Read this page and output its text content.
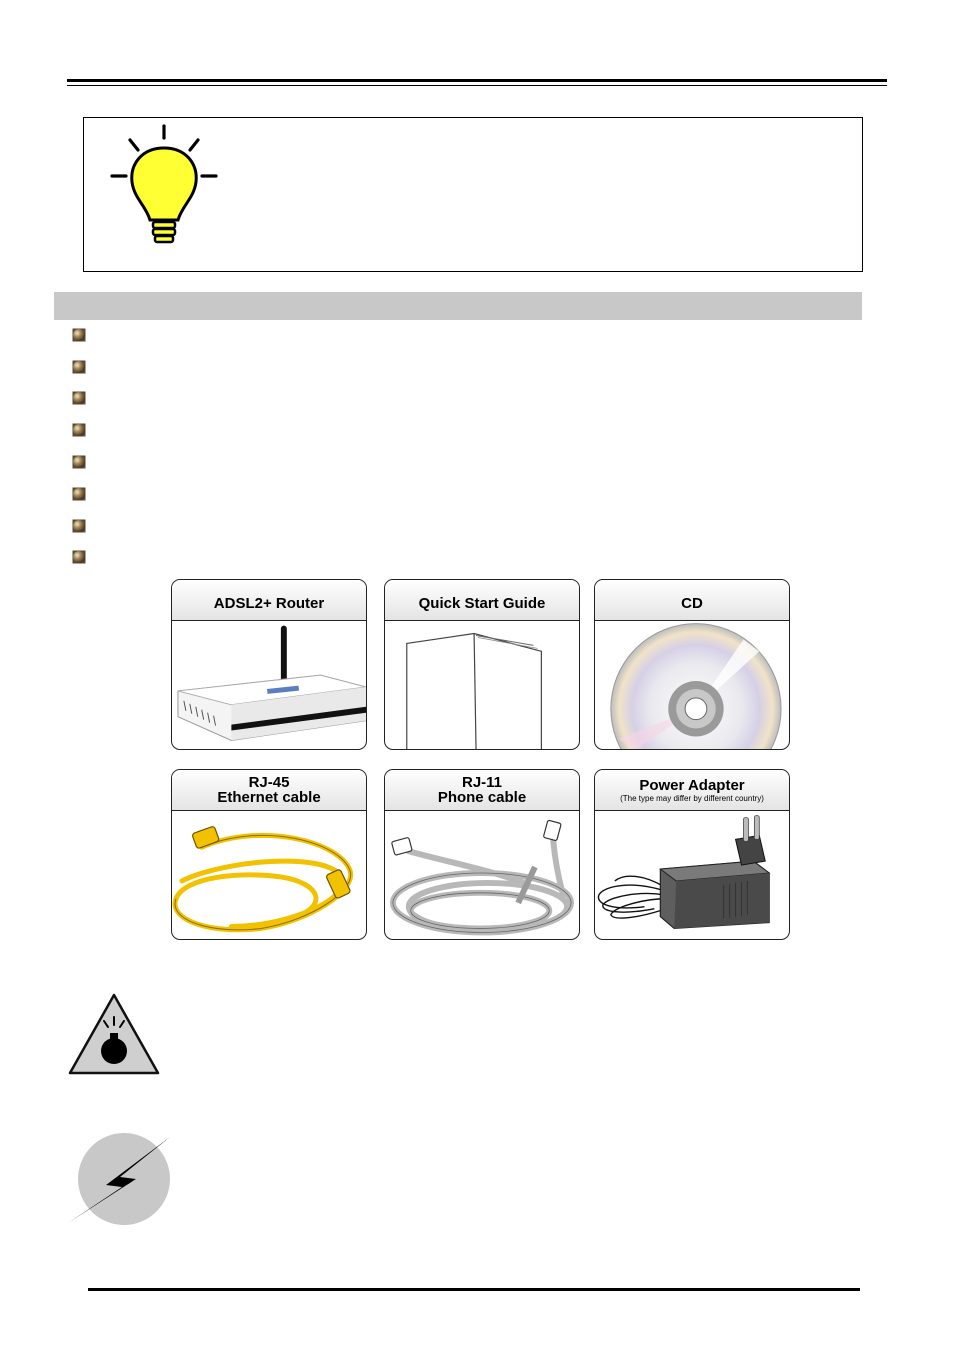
ADSL2+ Router	Quick Start Guide	CD
RJ-45
Ethernet cable
RJ-11
Phone cable
Power Adapter
(The type may differ by different country)
